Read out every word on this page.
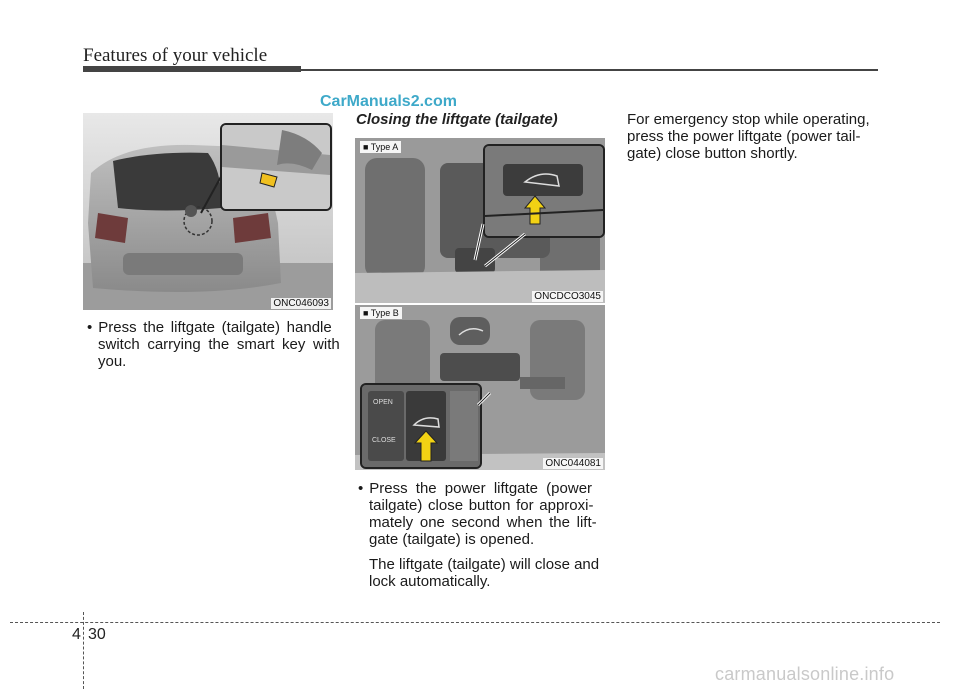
Features of your vehicle
CarManuals2.com
ONC046093
• Press the liftgate (tailgate) handle
switch carrying the smart key with
you.
Closing the liftgate (tailgate)
■ Type A
ONCDCO3045
OPEN
CLOSE
■ Type B
ONC044081
• Press the power liftgate (power
tailgate) close button for approxi-
mately one second when the lift-
gate (tailgate) is opened.
The liftgate (tailgate) will close and
lock automatically.
For emergency stop while operating,
press the power liftgate (power tail-
gate) close button shortly.
4 30
carmanualsonline.info
